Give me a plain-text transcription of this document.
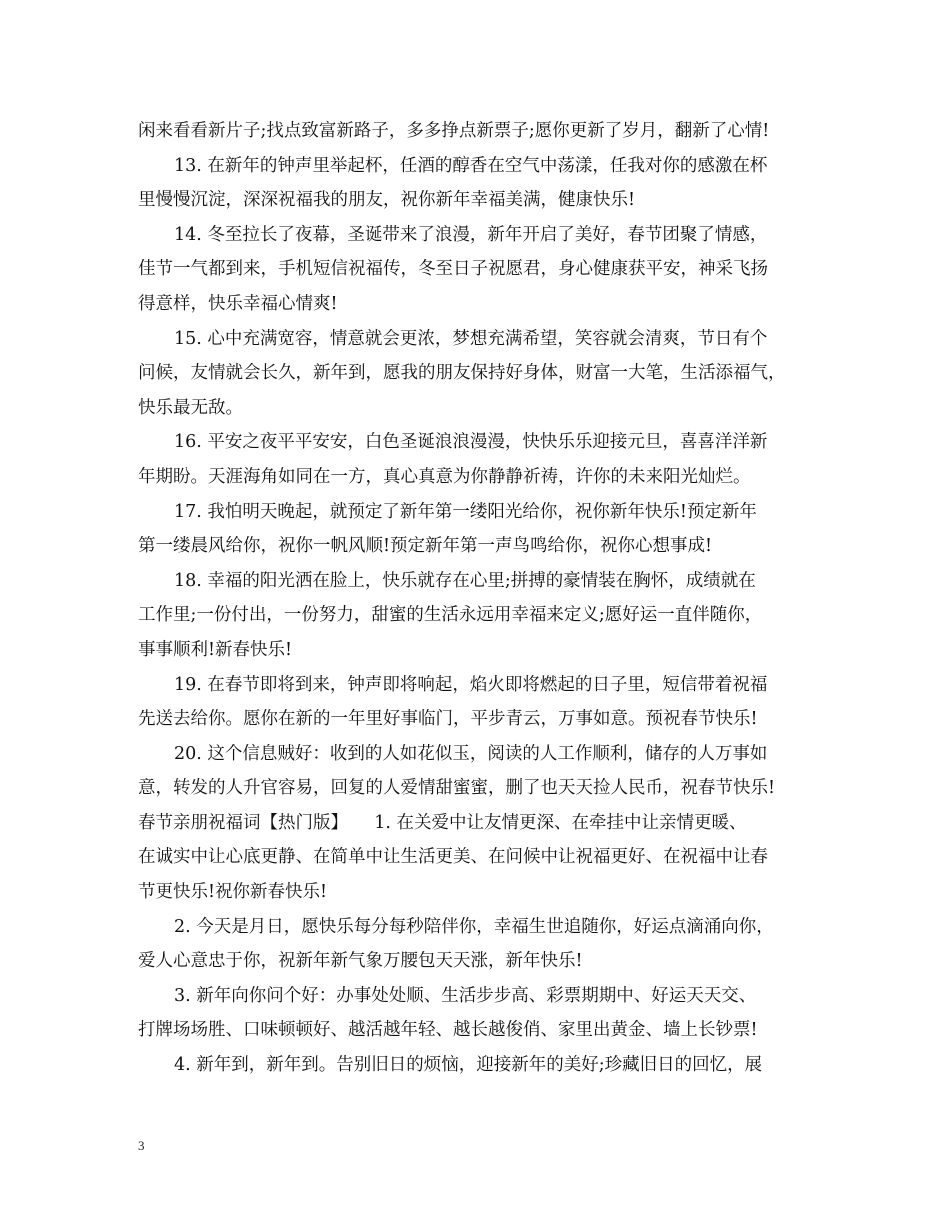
闲来看看新片子;找点致富新路子，多多挣点新票子;愿你更新了岁月，翻新了心情!
13. 在新年的钟声里举起杯，任酒的醇香在空气中荡漾，任我对你的感激在杯
里慢慢沉淀，深深祝福我的朋友，祝你新年幸福美满，健康快乐!
14. 冬至拉长了夜幕，圣诞带来了浪漫，新年开启了美好，春节团聚了情感，
佳节一气都到来，手机短信祝福传，冬至日子祝愿君，身心健康获平安，神采飞扬
得意样，快乐幸福心情爽!
15. 心中充满宽容，情意就会更浓，梦想充满希望，笑容就会清爽，节日有个
问候，友情就会长久，新年到，愿我的朋友保持好身体，财富一大笔，生活添福气，
快乐最无敌。
16. 平安之夜平平安安，白色圣诞浪浪漫漫，快快乐乐迎接元旦，喜喜洋洋新
年期盼。天涯海角如同在一方，真心真意为你静静祈祷，许你的未来阳光灿烂。
17. 我怕明天晚起，就预定了新年第一缕阳光给你，祝你新年快乐!预定新年
第一缕晨风给你，祝你一帆风顺!预定新年第一声鸟鸣给你，祝你心想事成!
18. 幸福的阳光洒在脸上，快乐就存在心里;拼搏的豪情装在胸怀，成绩就在
工作里;一份付出，一份努力，甜蜜的生活永远用幸福来定义;愿好运一直伴随你，
事事顺利!新春快乐!
19. 在春节即将到来，钟声即将响起，焰火即将燃起的日子里，短信带着祝福
先送去给你。愿你在新的一年里好事临门，平步青云，万事如意。预祝春节快乐!
20. 这个信息贼好：收到的人如花似玉，阅读的人工作顺利，储存的人万事如
意，转发的人升官容易，回复的人爱情甜蜜蜜，删了也天天捡人民币，祝春节快乐!
春节亲朋祝福词【热门版】　　1. 在关爱中让友情更深、在牵挂中让亲情更暖、
在诚实中让心底更静、在简单中让生活更美、在问候中让祝福更好、在祝福中让春
节更快乐!祝你新春快乐!
2. 今天是月日，愿快乐每分每秒陪伴你，幸福生世追随你，好运点滴涌向你，
爱人心意忠于你，祝新年新气象万腰包天天涨，新年快乐!
3. 新年向你问个好：办事处处顺、生活步步高、彩票期期中、好运天天交、
打牌场场胜、口味顿顿好、越活越年轻、越长越俊俏、家里出黄金、墙上长钞票!
4. 新年到，新年到。告别旧日的烦恼，迎接新年的美好;珍藏旧日的回忆，展
3
